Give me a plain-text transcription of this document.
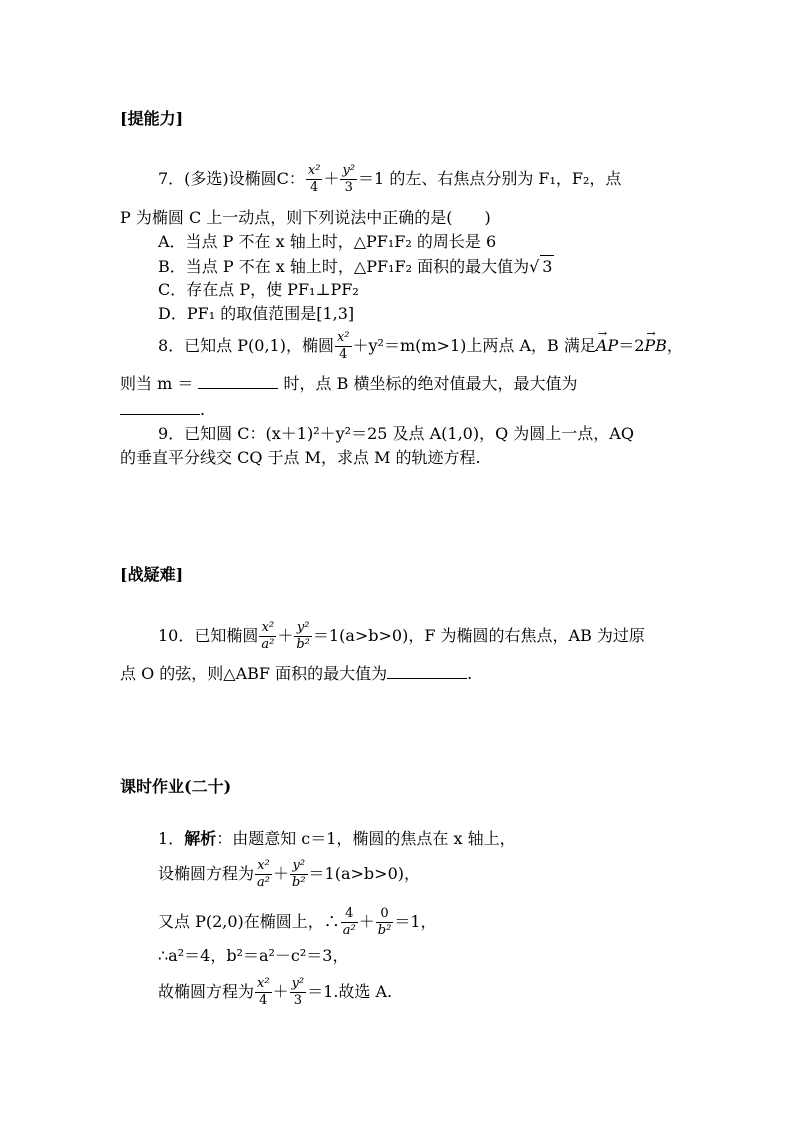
[提能力]
7．(多选)设椭圆C： $\frac{\text{x²}}{4} + \frac{\text{y²}}{3} =1$ 的左、右焦点分别为 F₁，F₂，点
P 为椭圆 C 上一动点，则下列说法中正确的是(　　)
A．当点 P 不在 x 轴上时，△PF₁F₂ 的周长是 6
B．当点 P 不在 x 轴上时，△PF₁F₂ 面积的最大值为√ 3
C．存在点 P，使 PF₁⊥PF₂
D．PF₁ 的取值范围是[1,3]
8．已知点 P(0,1)，椭圆 $\frac{\text{x²}}{4} +y^2=m(m>1)$上两点 A，B 满足→ AP＝2→ PB，
则当 m ＝	时，点 B 横坐标的绝对值最大，最大值为
.
9．已知圆 C：(x＋1)²＋y²＝25 及点 A(1,0)，Q 为圆上一点，AQ
的垂直平分线交 CQ 于点 M，求点 M 的轨迹方程.
[战疑难]
10．已知椭圆 $\frac{\text{x²}}{\text{a²}} + \frac{\text{y²}}{\text{b²}} =1(a>b>0)$，F 为椭圆的右焦点，AB 为过原
点 O 的弦，则△ABF 面积的最大值为	.
课时作业(二十)
1．解析：由题意知 c＝1，椭圆的焦点在 x 轴上，
设椭圆方程为 $\frac{\text{x²}}{\text{a²}} + \frac{\text{y²}}{\text{b²}} =1(a>b>0)$，
又点 P(2,0)在椭圆上，∴ $\frac{4}{\text{a²}} + \frac{0}{\text{b²}} =1$，
∴a²＝4，b²＝a²－c²＝3，
故椭圆方程为 $\frac{\text{x²}}{4} + \frac{\text{y²}}{3} =1$.故选 A.
